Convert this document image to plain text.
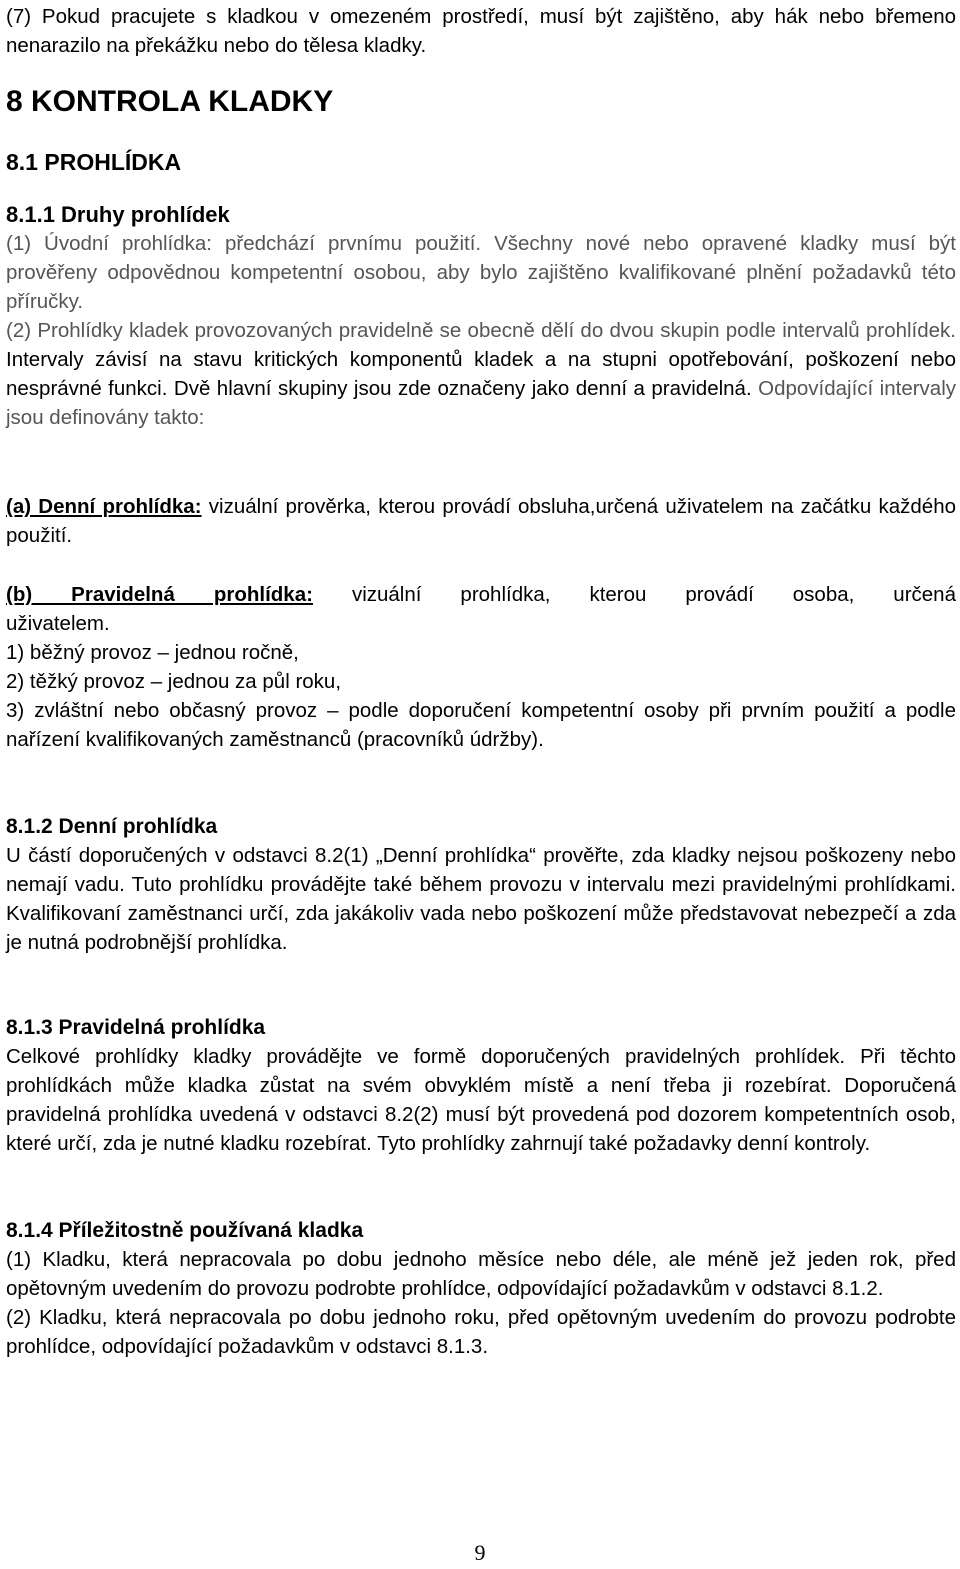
(7) Pokud pracujete s kladkou v omezeném prostředí, musí být zajištěno, aby hák nebo břemeno nenarazilo na překážku nebo do tělesa kladky.

8 KONTROLA KLADKY
8.1 PROHLÍDKA

8.1.1 Druhy prohlídek

(1) Úvodní prohlídka: předchází prvnímu použití. Všechny nové nebo opravené kladky musí být prověřeny odpovědnou kompetentní osobou, aby bylo zajištěno kvalifikované plnění požadavků této příručky.

(2) Prohlídky kladek provozovaných pravidelně se obecně dělí do dvou skupin podle intervalů prohlídek. Intervaly závisí na stavu kritických komponentů kladek a na stupni opotřebování, poškození nebo nesprávné funkci. Dvě hlavní skupiny jsou zde označeny jako denní a pravidelná. Odpovídající intervaly jsou definovány takto:

(a) Denní prohlídka: vizuální prověrka, kterou provádí obsluha,určená uživatelem na začátku každého použití.

(b) Pravidelná prohlídka: vizuální prohlídka, kterou provádí osoba, určená

uživatelem.

1) běžný provoz – jednou ročně,

2) těžký provoz – jednou za půl roku,

3) zvláštní nebo občasný provoz – podle doporučení kompetentní osoby při prvním použití a podle nařízení kvalifikovaných zaměstnanců (pracovníků údržby).

8.1.2 Denní prohlídka

U částí doporučených v odstavci 8.2(1) „Denní prohlídka“ prověřte, zda kladky nejsou poškozeny nebo nemají vadu. Tuto prohlídku provádějte také během provozu v intervalu mezi pravidelnými prohlídkami. Kvalifikovaní zaměstnanci určí, zda jakákoliv vada nebo poškození může představovat nebezpečí a zda je nutná podrobnější prohlídka.

8.1.3 Pravidelná prohlídka

Celkové prohlídky kladky provádějte ve formě doporučených pravidelných prohlídek. Při těchto prohlídkách může kladka zůstat na svém obvyklém místě a není třeba ji rozebírat. Doporučená pravidelná prohlídka uvedená v odstavci 8.2(2) musí být provedená pod dozorem kompetentních osob, které určí, zda je nutné kladku rozebírat. Tyto prohlídky zahrnují také požadavky denní kontroly.

8.1.4 Příležitostně používaná kladka

(1) Kladku, která nepracovala po dobu jednoho měsíce nebo déle, ale méně jež jeden rok, před opětovným uvedením do provozu podrobte prohlídce, odpovídající požadavkům v odstavci 8.1.2.

(2) Kladku, která nepracovala po dobu jednoho roku, před opětovným uvedením do provozu podrobte prohlídce, odpovídající požadavkům v odstavci 8.1.3.

9
